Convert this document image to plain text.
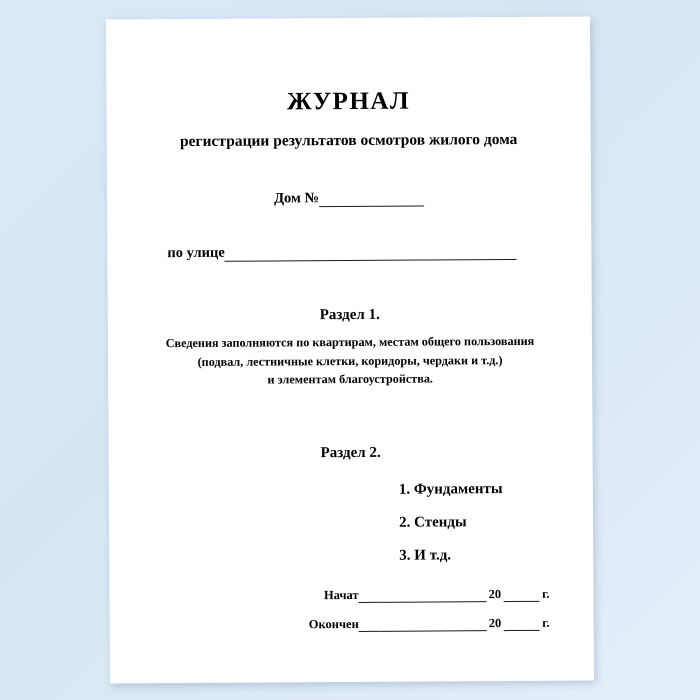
ЖУРНАЛ
регистрации результатов осмотров жилого дома
Дом №
по улице
Раздел 1.
Сведения заполняются по квартирам, местам общего пользования
(подвал, лестничные клетки, коридоры, чердаки и т.д.)
и элементам благоустройства.
Раздел 2.
1. Фундаменты
2. Стенды
3. И т.д.
Начат	20	г.
Окончен	20	г.
